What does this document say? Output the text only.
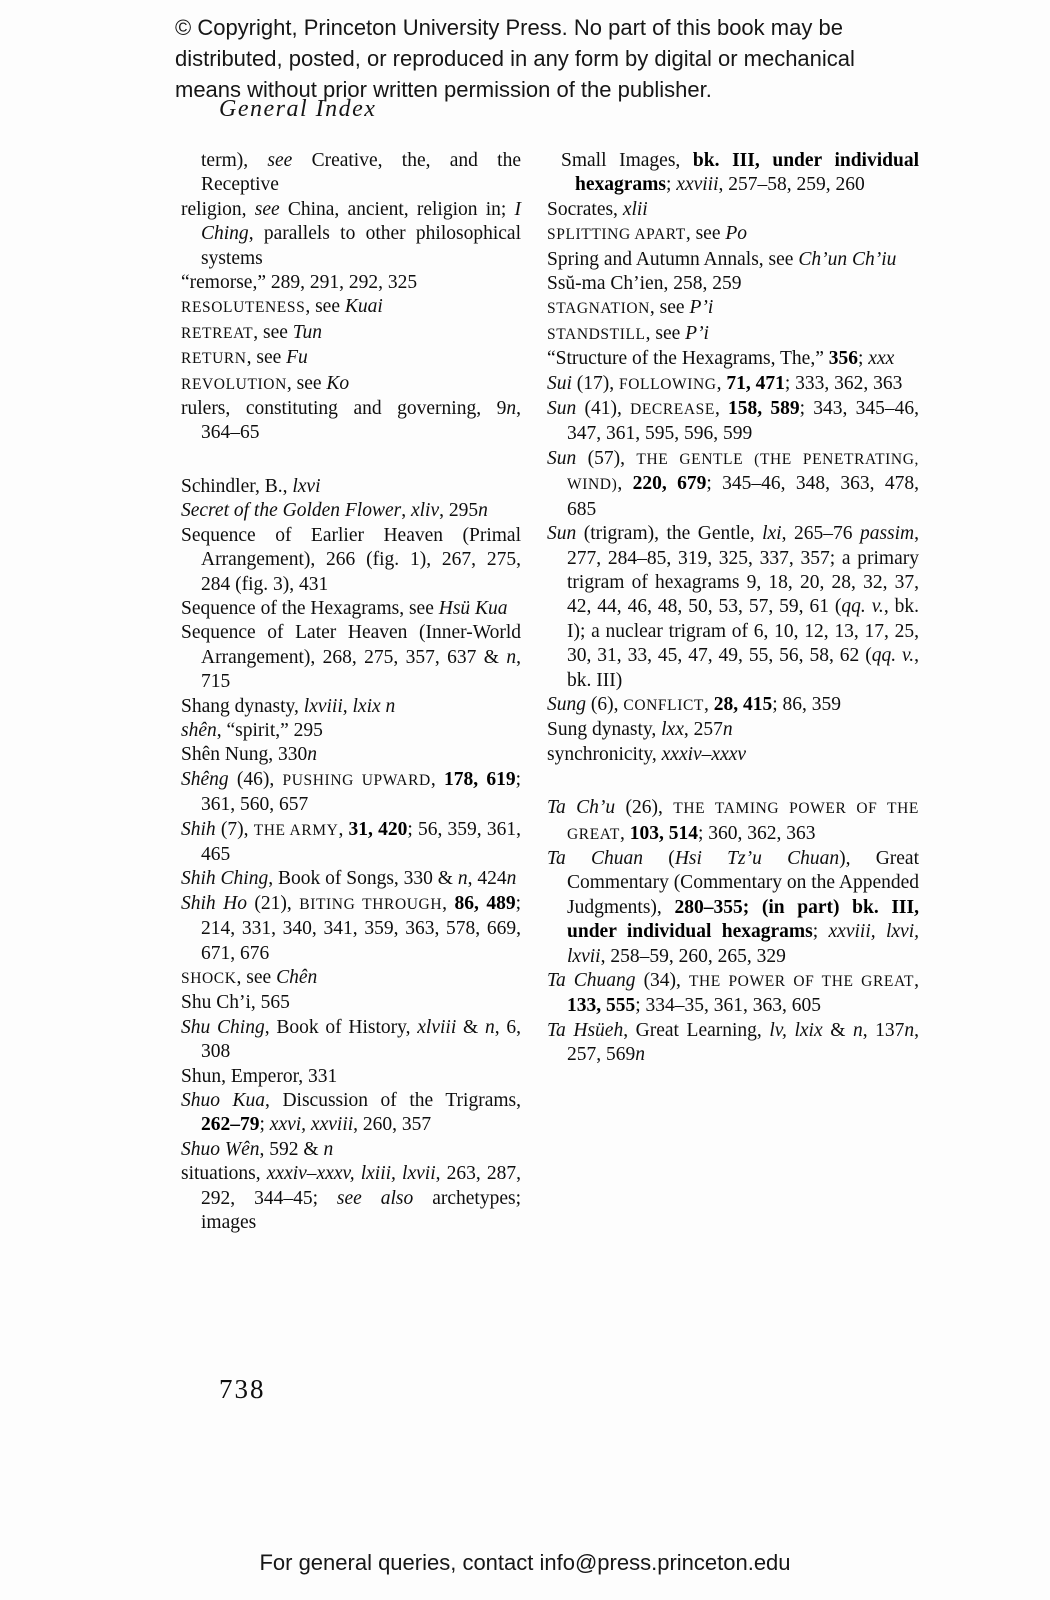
© Copyright, Princeton University Press. No part of this book may be distributed, posted, or reproduced in any form by digital or mechanical means without prior written permission of the publisher.

General Index

term), see Creative, the, and the Receptive

religion, see China, ancient, religion in; I Ching, parallels to other philosophical systems

“remorse,” 289, 291, 292, 325

RESOLUTENESS, see Kuai

RETREAT, see Tun

RETURN, see Fu

REVOLUTION, see Ko

rulers, constituting and governing, 9n, 364–65

Schindler, B., lxvi

Secret of the Golden Flower, xliv, 295n

Sequence of Earlier Heaven (Primal Arrangement), 266 (fig. 1), 267, 275, 284 (fig. 3), 431

Sequence of the Hexagrams, see Hsü Kua

Sequence of Later Heaven (Inner-World Arrangement), 268, 275, 357, 637 & n, 715

Shang dynasty, lxviii, lxix n

shên, “spirit,” 295

Shên Nung, 330n

Shêng (46), PUSHING UPWARD, 178, 619; 361, 560, 657

Shih (7), THE ARMY, 31, 420; 56, 359, 361, 465

Shih Ching, Book of Songs, 330 & n, 424n

Shih Ho (21), BITING THROUGH, 86, 489; 214, 331, 340, 341, 359, 363, 578, 669, 671, 676

SHOCK, see Chên

Shu Ch’i, 565

Shu Ching, Book of History, xlviii & n, 6, 308

Shun, Emperor, 331

Shuo Kua, Discussion of the Trigrams, 262–79; xxvi, xxviii, 260, 357

Shuo Wên, 592 & n

situations, xxxiv–xxxv, lxiii, lxvii, 263, 287, 292, 344–45; see also archetypes; images

Small Images, bk. III, under individual hexagrams; xxviii, 257–58, 259, 260

Socrates, xlii

SPLITTING APART, see Po

Spring and Autumn Annals, see Ch’un Ch’iu

Ssŭ-ma Ch’ien, 258, 259

STAGNATION, see P’i

STANDSTILL, see P’i

“Structure of the Hexagrams, The,” 356; xxx

Sui (17), FOLLOWING, 71, 471; 333, 362, 363

Sun (41), DECREASE, 158, 589; 343, 345–46, 347, 361, 595, 596, 599

Sun (57), THE GENTLE (THE PENETRATING, WIND), 220, 679; 345–46, 348, 363, 478, 685

Sun (trigram), the Gentle, lxi, 265–76 passim, 277, 284–85, 319, 325, 337, 357; a primary trigram of hexagrams 9, 18, 20, 28, 32, 37, 42, 44, 46, 48, 50, 53, 57, 59, 61 (qq. v., bk. I); a nuclear trigram of 6, 10, 12, 13, 17, 25, 30, 31, 33, 45, 47, 49, 55, 56, 58, 62 (qq. v., bk. III)

Sung (6), CONFLICT, 28, 415; 86, 359

Sung dynasty, lxx, 257n

synchronicity, xxxiv–xxxv

Ta Ch’u (26), THE TAMING POWER OF THE GREAT, 103, 514; 360, 362, 363

Ta Chuan (Hsi Tz’u Chuan), Great Commentary (Commentary on the Appended Judgments), 280–355; (in part) bk. III, under individual hexagrams; xxviii, lxvi, lxvii, 258–59, 260, 265, 329

Ta Chuang (34), THE POWER OF THE GREAT, 133, 555; 334–35, 361, 363, 605

Ta Hsüeh, Great Learning, lv, lxix & n, 137n, 257, 569n

738

For general queries, contact info@press.princeton.edu
